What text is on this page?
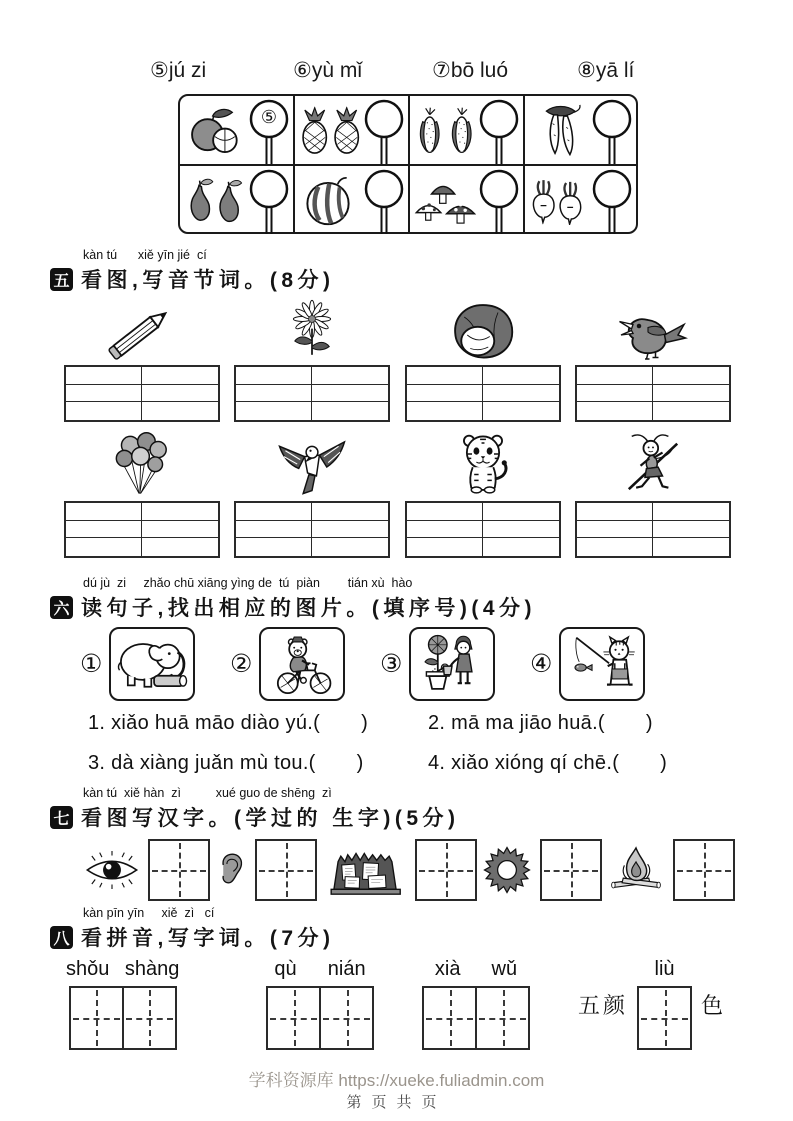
⑤jú zi	⑥yù mǐ	⑦bō luó	⑧yā lí
⑤
kàn tú      xiě yīn jié  cí
五 看图,写音节词。(8分)
dú jù  zi     zhǎo chū xiāng yìng de  tú  piàn        tián xù  hào
六 读句子,找出相应的图片。(填序号)(4分)
①	②	③	④
1. xiǎo huā māo diào yú.(       )	2. mā ma jiāo huā.(       )
3. dà xiàng juǎn mù tou.(       )	4. xiǎo xióng qí chē.(       )
kàn tú  xiě hàn  zì          xué guo de shēng  zì
七 看图写汉字。(学过的 生字)(5分)
kàn pīn yīn     xiě  zì   cí
八 看拼音,写字词。(7分)
shǒu shàng	qù  nián	xià  wǔ
五颜
liù
色
学科资源库 https://xueke.fuliadmin.com
第页共页
